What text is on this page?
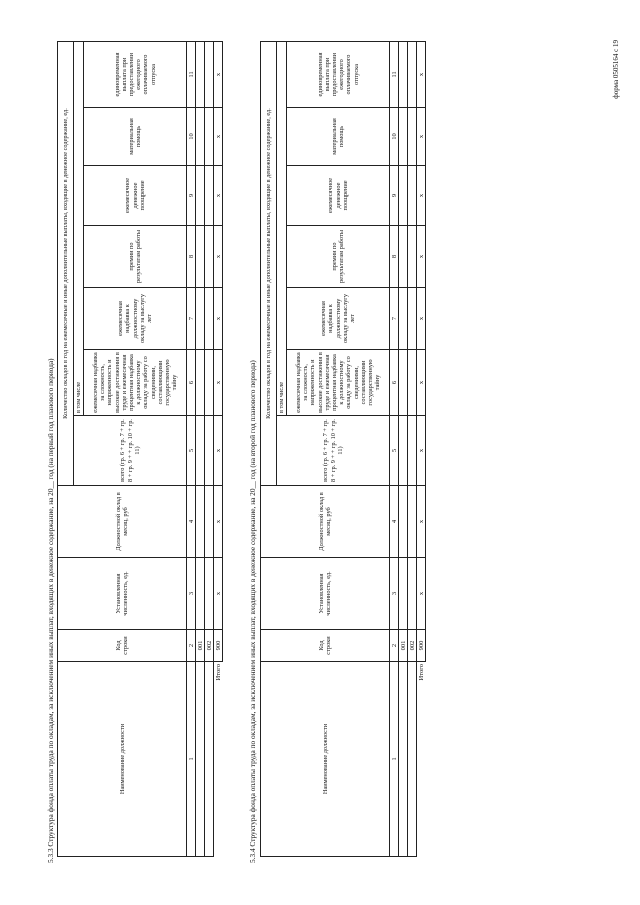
форма 0505164 с 19
5.3.3 Структура фонда оплаты труда по окладам, за исключением иных выплат, входящих в денежное содержание, на 20__ год (на первый год планового периода)	Наименование должности	Код строки	Установленная численность, ед.	Должностной оклад в месяц, руб	Количество окладов в год на ежемесячные и иные дополнительные выплаты, входящие в денежное содержание, ед.						
				всего (гр. 6 + гр. 7 + гр. 8 + гр. 9 + + гр. 10 + гр. 11)	в том числе					
					ежемесячная надбавка за сложность, напряженность и высокие достижения в труде и ежемесячная процентная надбавка к должностному окладу за работу со сведениями, составляющими государственную тайну	ежемесячная надбавка к должностному окладу за выслугу лет	премии по результатам работы	ежемесячное денежное поощрение	материальная помощь	единовременная выплата при предоставлении ежегодного оплачиваемого отпуска
1	2	3	4	5	6	7	8	9	10	11
	001									
	002									
Итого	900	x	x	x	x	x	x	x	x	x
5.3.4 Структура фонда оплаты труда по окладам, за исключением иных выплат, входящих в денежное содержание, на 20__ год (на второй год планового периода)	Наименование должности	Код строки	Установленная численность, ед.	Должностной оклад в месяц, руб	Количество окладов в год на ежемесячные и иные дополнительные выплаты, входящие в денежное содержание, ед.						
				всего (гр. 6 + гр. 7 + гр. 8 + гр. 9 + + гр. 10 + гр. 11)	в том числе					
					ежемесячная надбавка за сложность, напряженность и высокие достижения в труде и ежемесячная процентная надбавка к должностному окладу за работу со сведениями, составляющими государственную тайну	ежемесячная надбавка к должностному окладу за выслугу лет	премии по результатам работы	ежемесячное денежное поощрение	материальная помощь	единовременная выплата при предоставлении ежегодного оплачиваемого отпуска
1	2	3	4	5	6	7	8	9	10	11
	001									
	002									
Итого	900	x	x	x	x	x	x	x	x	x
